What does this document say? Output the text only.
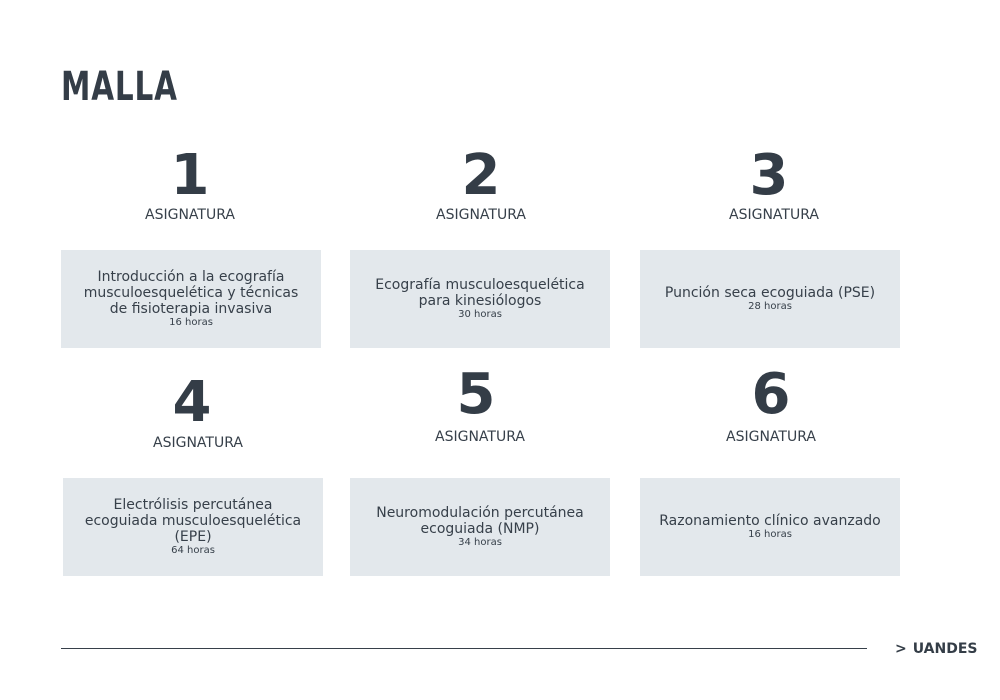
MALLA
1
ASIGNATURA
Introducción a la ecografía musculoesquelética y técnicas de fisioterapia invasiva
16 horas
2
ASIGNATURA
Ecografía musculoesquelética para kinesiólogos
30 horas
3
ASIGNATURA
Punción seca ecoguiada (PSE)
28 horas
4
ASIGNATURA
Electrólisis percutánea ecoguiada musculoesquelética (EPE)
64 horas
5
ASIGNATURA
Neuromodulación percutánea ecoguiada (NMP)
34 horas
6
ASIGNATURA
Razonamiento clínico avanzado
16 horas
> UANDES
